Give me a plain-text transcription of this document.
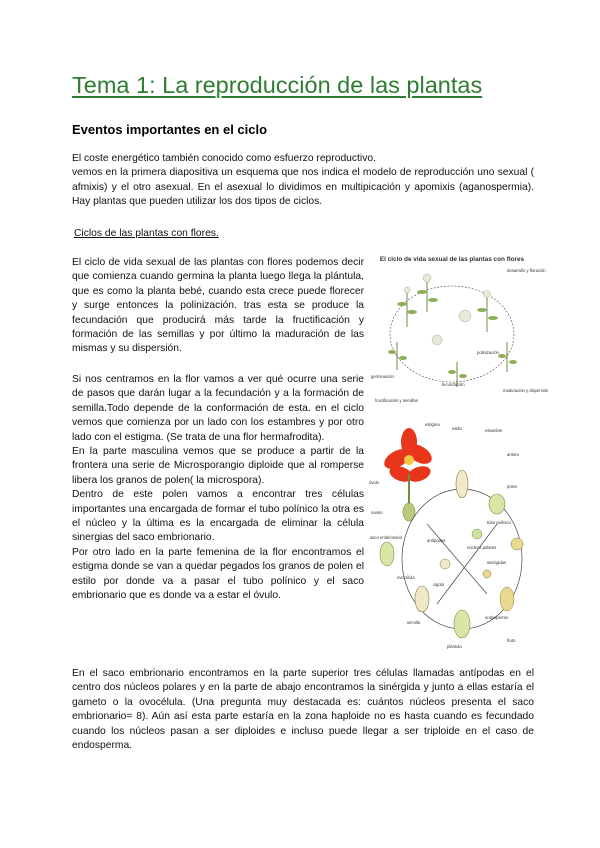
Tema 1: La reproducción de las plantas
Eventos importantes en el ciclo

El coste energético también conocido como esfuerzo reproductivo.

vemos en la primera diapositiva un esquema que nos indica el modelo de reproducción uno sexual ( afmixis) y el otro asexual. En el asexual lo dividimos en multipicación y apomixis (aganospermia). Hay plantas que pueden utilizar los dos tipos de ciclos.

Ciclos de las plantas con flores.

El ciclo de vida sexual de las plantas con flores podemos decir que comienza cuando germina la planta luego llega la plántula, que es como la planta bebé, cuando esta crece puede florecer y surge entonces la polinización. tras esta se produce la fecundación que producirá más tarde la fructificación y formación de las semillas y por último la maduración de las mismas y su dispersión.

Si nos centramos en la flor vamos a ver qué ocurre una serie de pasos que darán lugar a la fecundación y a la formación de semilla.Todo depende de la conformación de esta. en el ciclo vemos que comienza por un lado con los estambres y por otro lado con el estigma. (Se trata de una flor hermafrodita).

En la parte masculina vemos que se produce a partir de la frontera una serie de Microsporangio diploide que al romperse libera los granos de polen( la microspora).

Dentro de este polen vamos a encontrar tres células importantes una encargada de formar el tubo polínico la otra es el núcleo y la última es la encargada de eliminar la célula sinergias del saco embrionario.

Por otro lado en la parte femenina de la flor encontramos el estigma donde se van a quedar pegados los granos de polen el estilo por donde va a pasar el tubo polínico y el saco embrionario que es donde va a estar el óvulo.

En el saco embrionario encontramos en la parte superior tres células llamadas antípodas en el centro dos núcleos polares y en la parte de abajo encontramos la sinérgida y junto a ellas estaría el gameto o la ovocélula. (Una pregunta muy destacada es: cuántos núcleos presenta el saco embrionario= 8). Aún así esta parte estaría en la zona haploide no es hasta cuando es fecundado cuando los núcleos pasan a ser diploides e incluso puede llegar a ser triploide en el caso de endosperma.

El ciclo de vida sexual de las plantas con flores
desarrollo y floración
polinización
fecundación
fructificación y semillas
maduración y dispersión
germinación
estigma
estilo	estambre
ovario
antera
óvulo
polen
saco embrionario
antípodas
núcleos polares
ovocélula
sinérgidas
tubo polínico
cigoto
endospermo
semilla
plántula
fruto
